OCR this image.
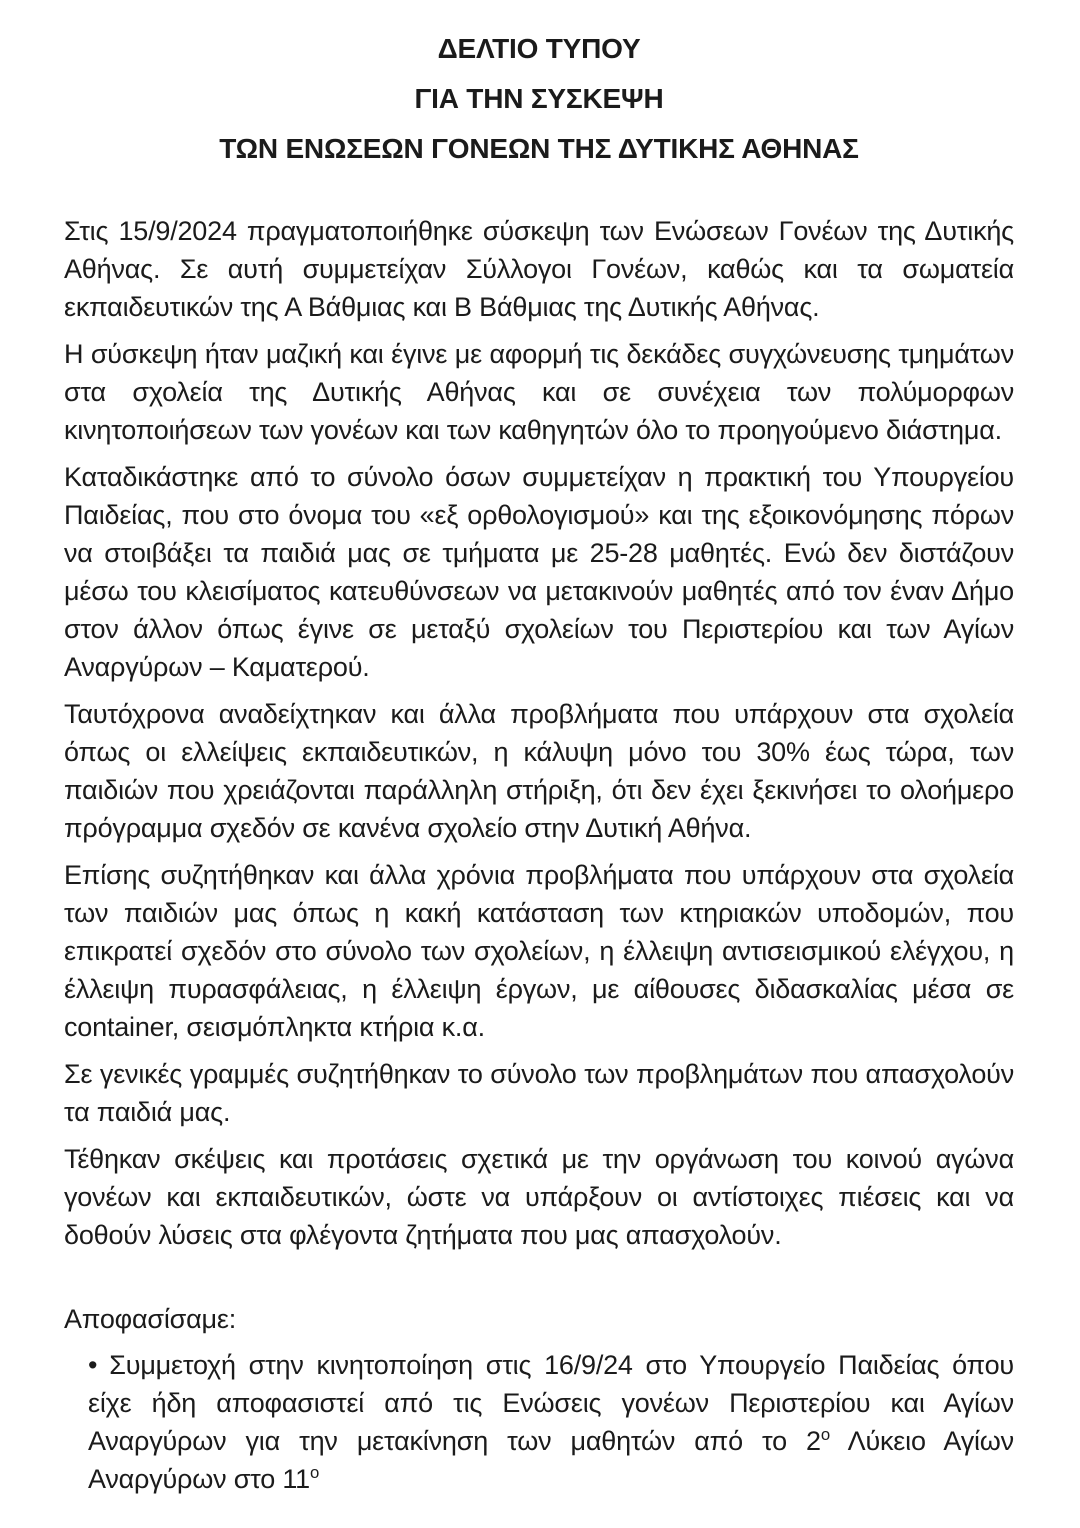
ΔΕΛΤΙΟ ΤΥΠΟΥ

ΓΙΑ ΤΗΝ ΣΥΣΚΕΨΗ

ΤΩΝ ΕΝΩΣΕΩΝ ΓΟΝΕΩΝ ΤΗΣ ΔΥΤΙΚΗΣ ΑΘΗΝΑΣ

Στις 15/9/2024 πραγματοποιήθηκε σύσκεψη των Ενώσεων Γονέων της Δυτικής Αθήνας. Σε αυτή συμμετείχαν Σύλλογοι Γονέων, καθώς και τα σωματεία εκπαιδευτικών της Α Βάθμιας και Β Βάθμιας της Δυτικής Αθήνας.

Η σύσκεψη ήταν μαζική και έγινε με αφορμή τις δεκάδες συγχώνευσης τμημάτων στα σχολεία της Δυτικής Αθήνας και σε συνέχεια των πολύμορφων κινητοποιήσεων των γονέων και των καθηγητών όλο το προηγούμενο διάστημα.

Καταδικάστηκε από το σύνολο όσων συμμετείχαν η πρακτική του Υπουργείου Παιδείας, που στο όνομα του «εξ ορθολογισμού» και της εξοικονόμησης πόρων να στοιβάξει τα παιδιά μας σε τμήματα με 25-28 μαθητές. Ενώ δεν διστάζουν μέσω του κλεισίματος κατευθύνσεων να μετακινούν μαθητές από τον έναν Δήμο στον άλλον όπως έγινε σε μεταξύ σχολείων του Περιστερίου και των Αγίων Αναργύρων – Καματερού.

Ταυτόχρονα αναδείχτηκαν και άλλα προβλήματα που υπάρχουν στα σχολεία όπως οι ελλείψεις εκπαιδευτικών, η κάλυψη μόνο του 30% έως τώρα, των παιδιών που χρειάζονται παράλληλη στήριξη, ότι δεν έχει ξεκινήσει το ολοήμερο πρόγραμμα σχεδόν σε κανένα σχολείο στην Δυτική Αθήνα.

Επίσης συζητήθηκαν και άλλα χρόνια προβλήματα που υπάρχουν στα σχολεία των παιδιών μας όπως η κακή κατάσταση των κτηριακών υποδομών, που επικρατεί σχεδόν στο σύνολο των σχολείων, η έλλειψη αντισεισμικού ελέγχου, η έλλειψη πυρασφάλειας, η έλλειψη έργων, με αίθουσες διδασκαλίας μέσα σε container, σεισμόπληκτα κτήρια κ.α.

Σε γενικές γραμμές συζητήθηκαν το σύνολο των προβλημάτων που απασχολούν τα παιδιά μας.

Τέθηκαν σκέψεις και προτάσεις σχετικά με την οργάνωση του κοινού αγώνα γονέων και εκπαιδευτικών, ώστε να υπάρξουν οι αντίστοιχες πιέσεις και να δοθούν λύσεις στα φλέγοντα ζητήματα που μας απασχολούν.

Αποφασίσαμε:

• Συμμετοχή στην κινητοποίηση στις 16/9/24 στο Υπουργείο Παιδείας όπου είχε ήδη αποφασιστεί από τις Ενώσεις γονέων Περιστερίου και Αγίων Αναργύρων για την μετακίνηση των μαθητών από το $2^o$ Λύκειο Αγίων Αναργύρων στο $11^o$
